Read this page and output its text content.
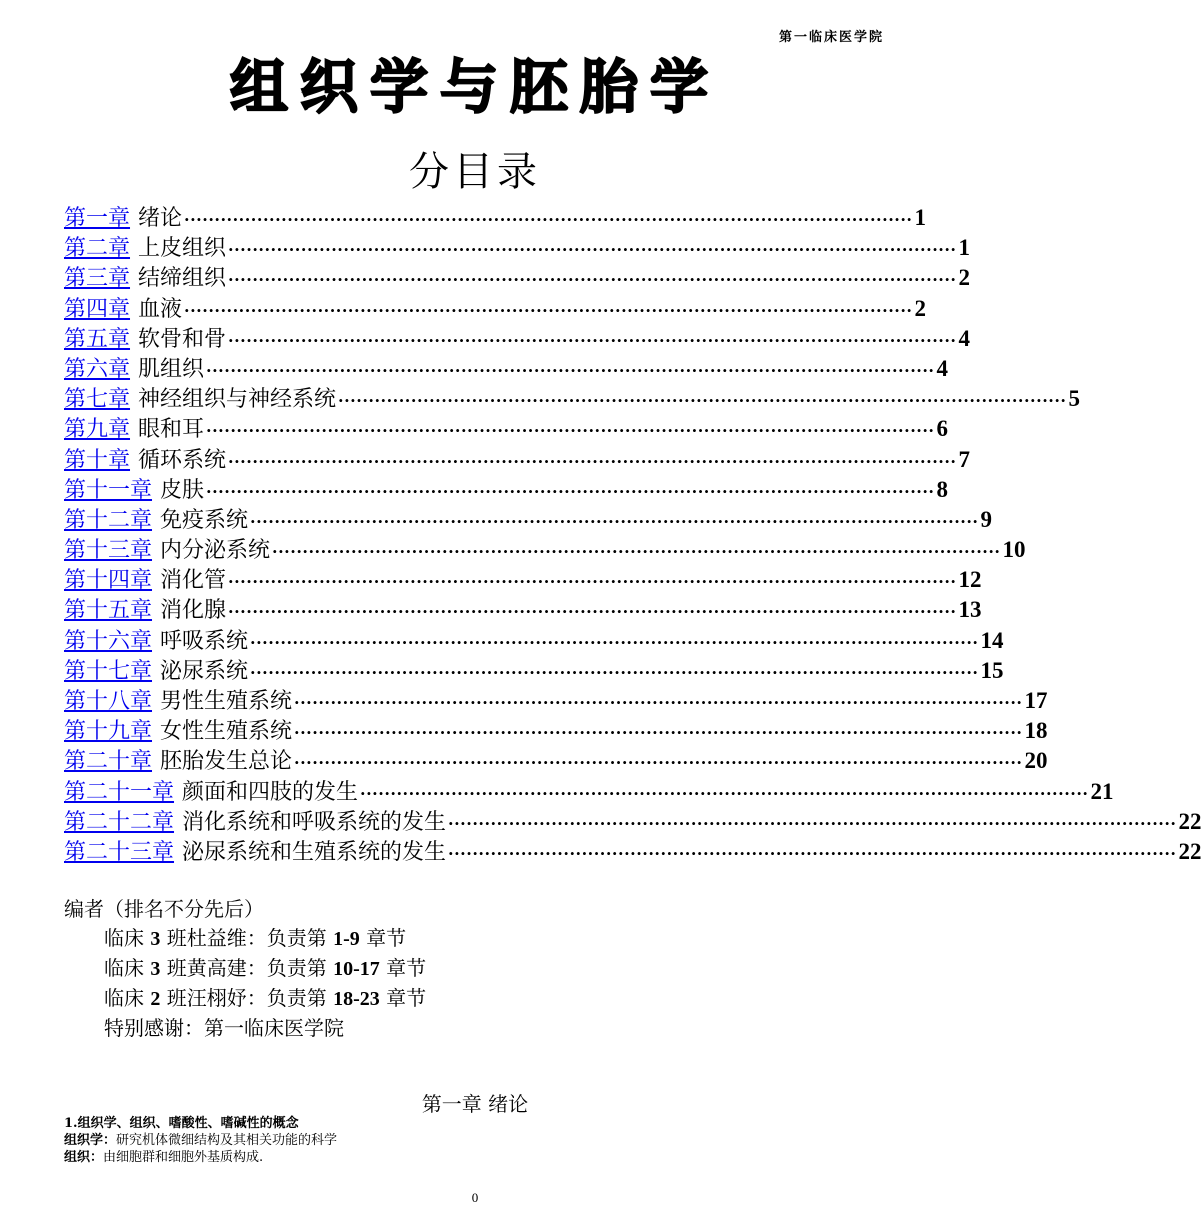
第一临床医学院
组织学与胚胎学
分目录
第一章 绪论 ························································································································ 1
第二章 上皮组织 ························································································································ 1
第三章 结缔组织 ························································································································ 2
第四章 血液 ························································································································ 2
第五章 软骨和骨 ························································································································ 4
第六章 肌组织 ························································································································ 4
第七章 神经组织与神经系统 ························································································································ 5
第九章 眼和耳 ························································································································ 6
第十章 循环系统 ························································································································ 7
第十一章 皮肤 ························································································································ 8
第十二章 免疫系统 ························································································································ 9
第十三章 内分泌系统 ························································································································ 10
第十四章 消化管 ························································································································ 12
第十五章 消化腺 ························································································································ 13
第十六章 呼吸系统 ························································································································ 14
第十七章 泌尿系统 ························································································································ 15
第十八章 男性生殖系统 ························································································································ 17
第十九章 女性生殖系统 ························································································································ 18
第二十章 胚胎发生总论 ························································································································ 20
第二十一章 颜面和四肢的发生 ························································································································ 21
第二十二章 消化系统和呼吸系统的发生 ························································································································ 22
第二十三章 泌尿系统和生殖系统的发生 ························································································································ 22
编者（排名不分先后）
临床 3 班杜益维：负责第 1-9 章节
临床 3 班黄高建：负责第 10-17 章节
临床 2 班汪栩妤：负责第 18-23 章节
特别感谢：第一临床医学院
第一章 绪论
1.组织学、组织、嗜酸性、嗜碱性的概念
组织学：研究机体微细结构及其相关功能的科学
组织：由细胞群和细胞外基质构成.
0
